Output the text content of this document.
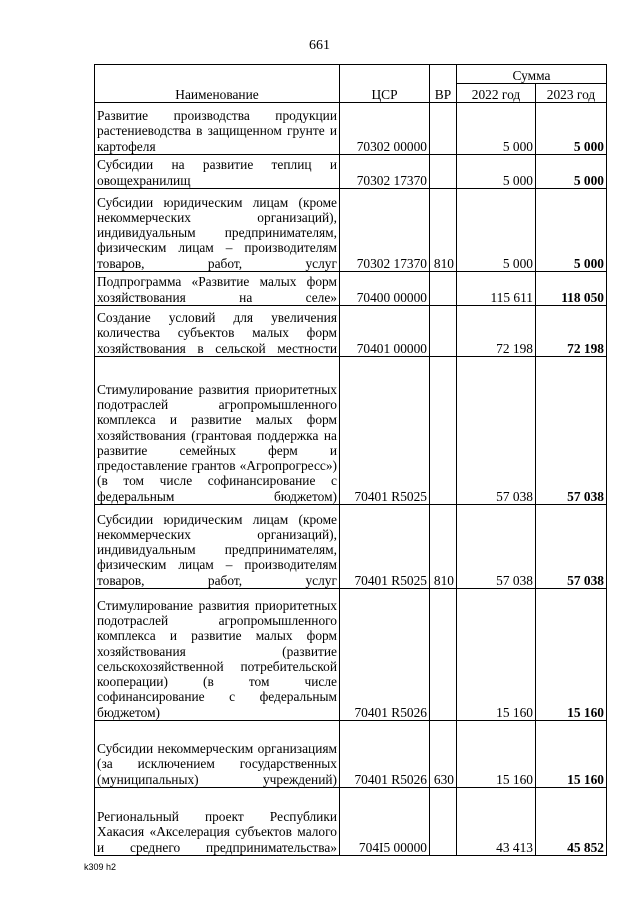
661
Наименование	ЦСР	ВР	Сумма	
			2022 год	2023 год

Развитие производства продукции растениеводства в защищенном грунте и картофеля	70302 00000		5 000	5 000

Субсидии на развитие теплиц и овощехранилищ	70302 17370		5 000	5 000

Субсидии юридическим лицам (кроме некоммерческих организаций), индивидуальным предпринимателям, физическим лицам – производителям товаров, работ, услуг	70302 17370	810	5 000	5 000

Подпрограмма «Развитие малых форм хозяйствования на селе»	70400 00000		115 611	118 050

Создание условий для увеличения количества субъектов малых форм хозяйствования в сельской местности	70401 00000		72 198	72 198

Стимулирование развития приоритетных подотраслей агропромышленного комплекса и развитие малых форм хозяйствования (грантовая поддержка на развитие семейных ферм и предоставление грантов «Агропрогресс») (в том числе софинансирование с федеральным бюджетом)	70401 R5025		57 038	57 038

Субсидии юридическим лицам (кроме некоммерческих организаций), индивидуальным предпринимателям, физическим лицам – производителям товаров, работ, услуг	70401 R5025	810	57 038	57 038

Стимулирование развития приоритетных подотраслей агропромышленного комплекса и развитие малых форм хозяйствования (развитие сельскохозяйственной потребительской кооперации) (в том числе софинансирование с федеральным бюджетом)	70401 R5026		15 160	15 160

Субсидии некоммерческим организациям (за исключением государственных (муниципальных) учреждений)	70401 R5026	630	15 160	15 160

Региональный проект Республики Хакасия «Акселерация субъектов малого и среднего предпринимательства»	704I5 00000		43 413	45 852
k309 h2
